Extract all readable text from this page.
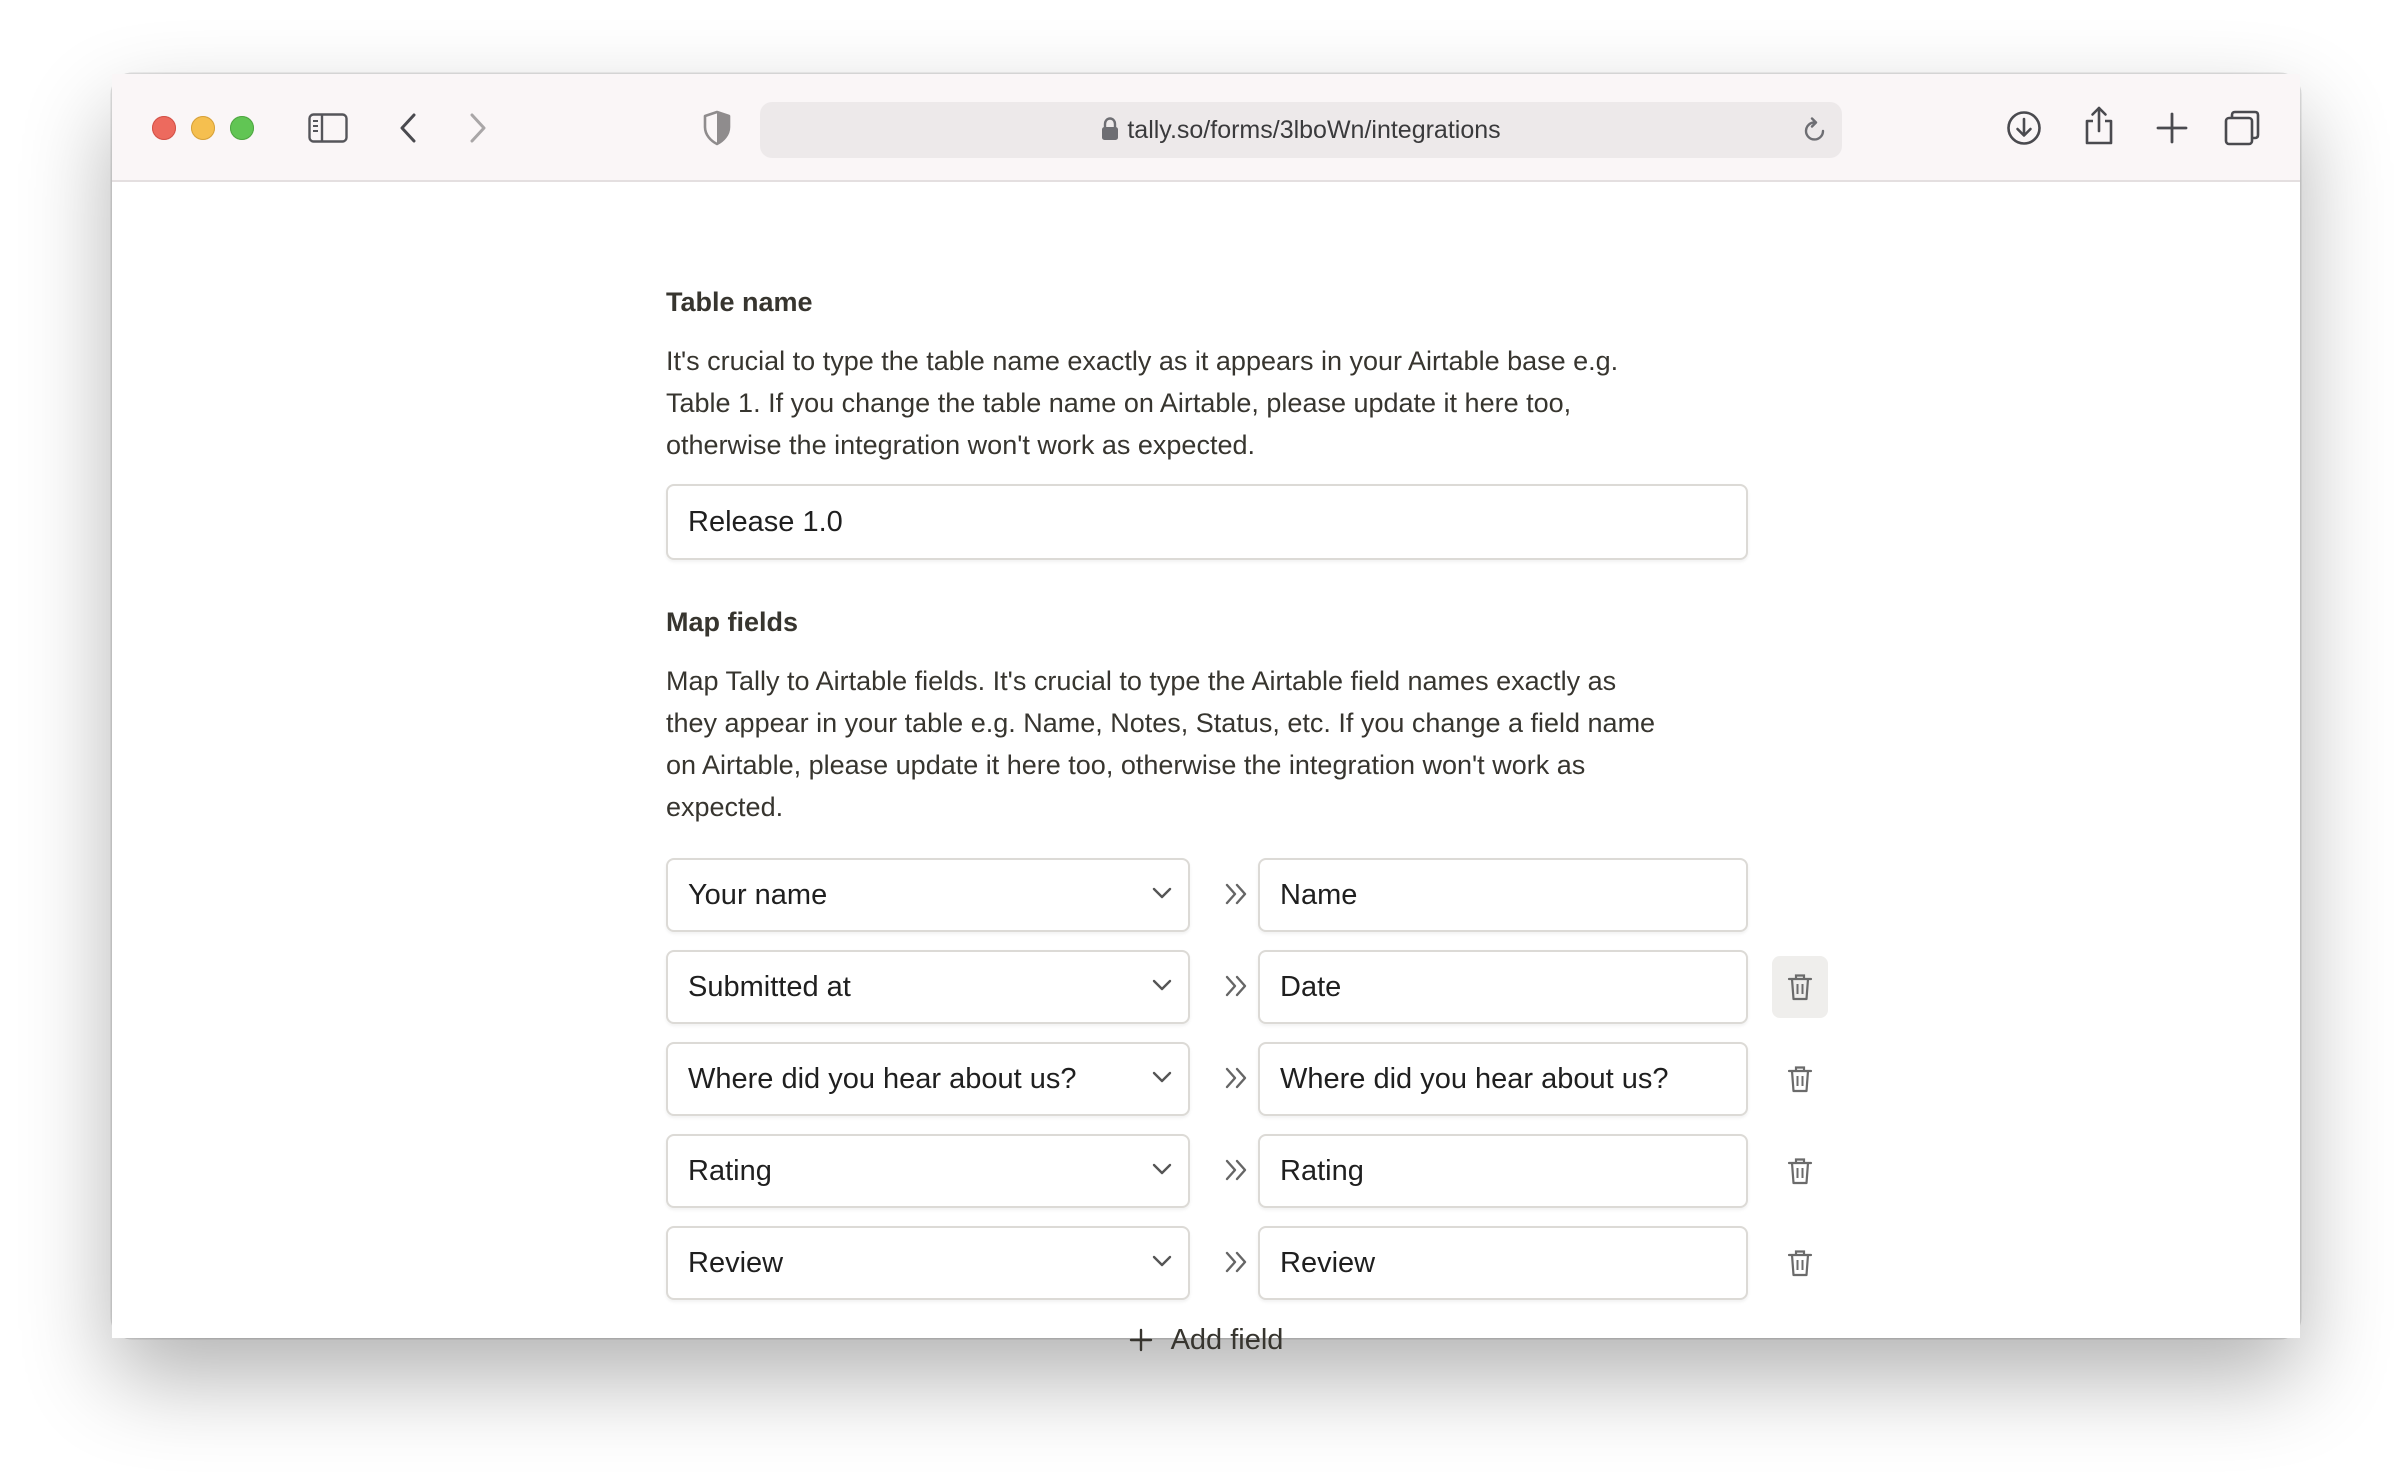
tally.so/forms/3lboWn/integrations
Table name

It's crucial to type the table name exactly as it appears in your Airtable base e.g.

Table 1. If you change the table name on Airtable, please update it here too,

otherwise the integration won't work as expected.

Release 1.0
Map fields

Map Tally to Airtable fields. It's crucial to type the Airtable field names exactly as

they appear in your table e.g. Name, Notes, Status, etc. If you change a field name

on Airtable, please update it here too, otherwise the integration won't work as

expected.

Your name
Name
Submitted at
Date
Where did you hear about us?
Where did you hear about us?
Rating
Rating
Review
Review
Add field
